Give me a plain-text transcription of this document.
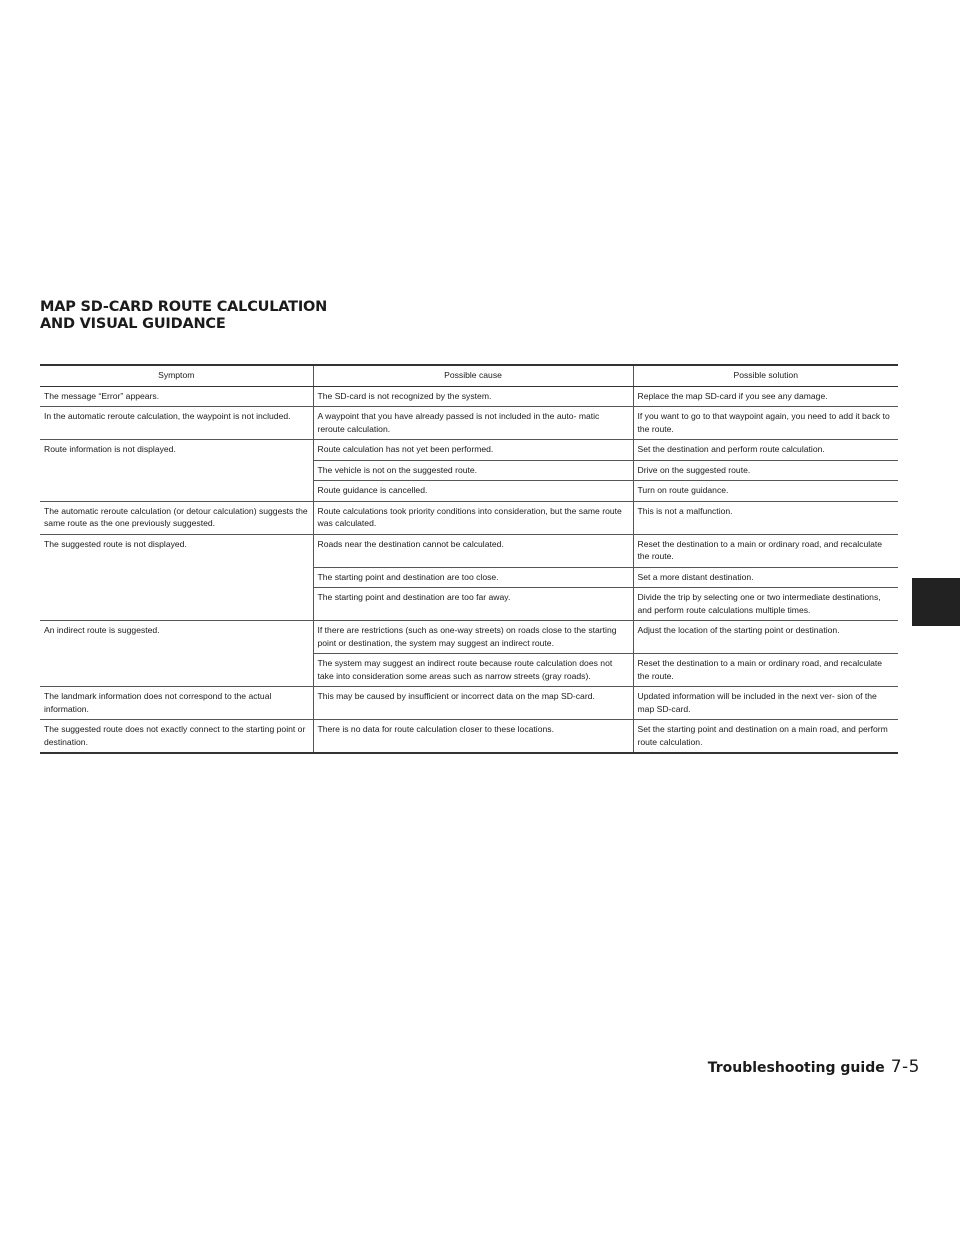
MAP SD-CARD ROUTE CALCULATION
AND VISUAL GUIDANCE
Symptom	Possible cause	Possible solution
The message “Error” appears.	The SD-card is not recognized by the system.	Replace the map SD-card if you see any damage.
In the automatic reroute calculation, the waypoint is not included.	A waypoint that you have already passed is not included in the auto- matic reroute calculation.	If you want to go to that waypoint again, you need to add it back to the route.
Route information is not displayed.	Route calculation has not yet been performed.	Set the destination and perform route calculation.
	The vehicle is not on the suggested route.	Drive on the suggested route.
	Route guidance is cancelled.	Turn on route guidance.
The automatic reroute calculation (or detour calculation) suggests the same route as the one previously suggested.	Route calculations took priority conditions into consideration, but the same route was calculated.	This is not a malfunction.
The suggested route is not displayed.	Roads near the destination cannot be calculated.	Reset the destination to a main or ordinary road, and recalculate the route.
	The starting point and destination are too close.	Set a more distant destination.
	The starting point and destination are too far away.	Divide the trip by selecting one or two intermediate destinations, and perform route calculations multiple times.
An indirect route is suggested.	If there are restrictions (such as one-way streets) on roads close to the starting point or destination, the system may suggest an indirect route.	Adjust the location of the starting point or destination.
	The system may suggest an indirect route because route calculation does not take into consideration some areas such as narrow streets (gray roads).	Reset the destination to a main or ordinary road, and recalculate the route.
The landmark information does not correspond to the actual information.	This may be caused by insufficient or incorrect data on the map SD-card.	Updated information will be included in the next ver- sion of the map SD-card.
The suggested route does not exactly connect to the starting point or destination.	There is no data for route calculation closer to these locations.	Set the starting point and destination on a main road, and perform route calculation.
Troubleshooting guide 7-5
